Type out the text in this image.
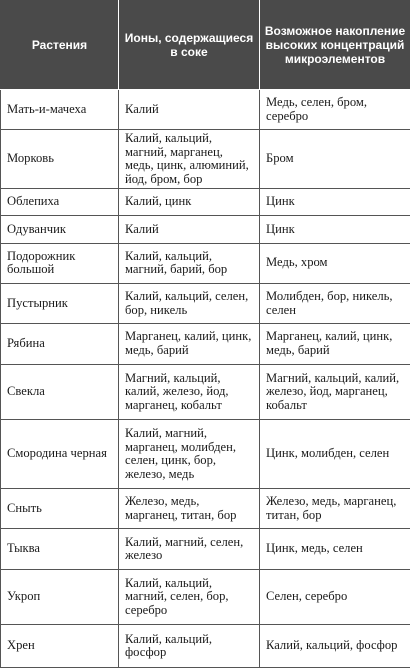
Растения	Ионы, содержащиеся в соке	Возможное накопление высоких концентраций микроэлементов
Мать-и-мачеха	Калий	Медь, селен, бром, серебро
Морковь	Калий, кальций, магний, марганец, медь, цинк, алюминий, йод, бром, бор	Бром
Облепиха	Калий, цинк	Цинк
Одуванчик	Калий	Цинк
Подорожник большой	Калий, кальций, магний, барий, бор	Медь, хром
Пустырник	Калий, кальций, селен, бор, никель	Молибден, бор, никель, селен
Рябина	Марганец, калий, цинк, медь, барий	Марганец, калий, цинк, медь, барий
Свекла	Магний, кальций, калий, железо, йод, марганец, кобальт	Магний, кальций, калий, железо, йод, марганец, кобальт
Смородина черная	Калий, магний, марганец, молибден, селен, цинк, бор, железо, медь	Цинк, молибден, селен
Сныть	Железо, медь, марганец, титан, бор	Железо, медь, марганец, титан, бор
Тыква	Калий, магний, селен, железо	Цинк, медь, селен
Укроп	Калий, кальций, магний, селен, бор, серебро	Селен, серебро
Хрен	Калий, кальций, фосфор	Калий, кальций, фосфор
